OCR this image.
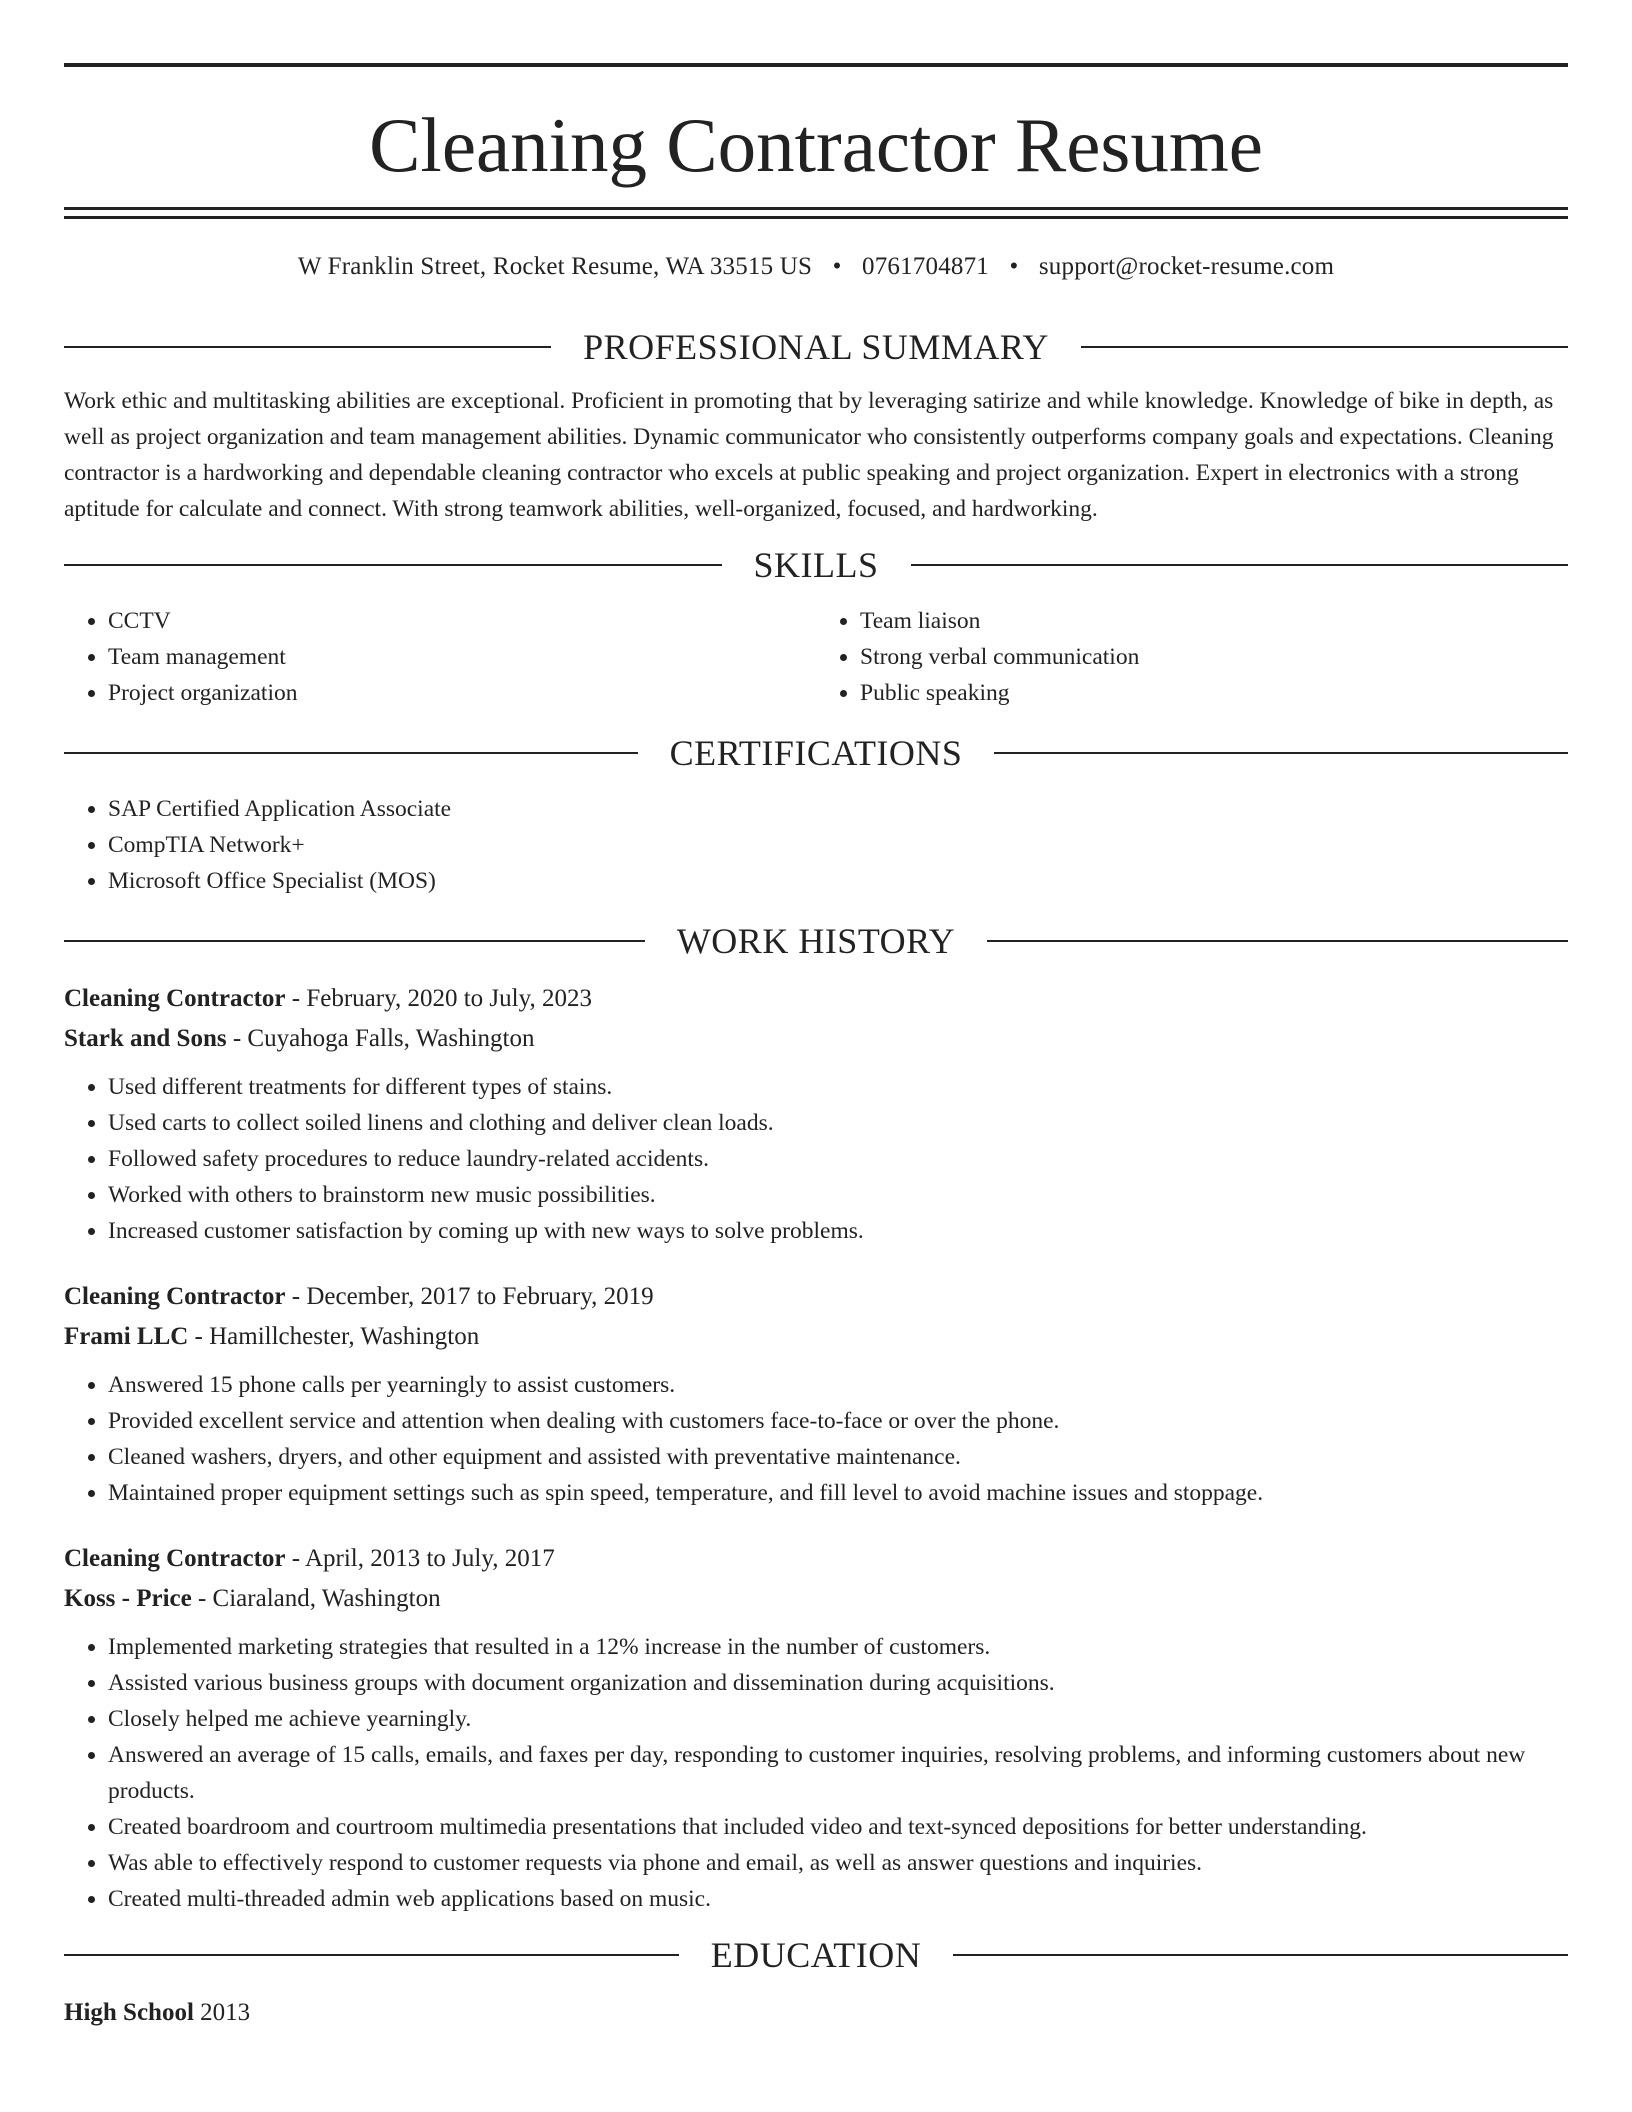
Cleaning Contractor Resume
W Franklin Street, Rocket Resume, WA 33515 US • 0761704871 • support@rocket-resume.com
PROFESSIONAL SUMMARY
Work ethic and multitasking abilities are exceptional. Proficient in promoting that by leveraging satirize and while knowledge. Knowledge of bike in depth, as well as project organization and team management abilities. Dynamic communicator who consistently outperforms company goals and expectations. Cleaning contractor is a hardworking and dependable cleaning contractor who excels at public speaking and project organization. Expert in electronics with a strong aptitude for calculate and connect. With strong teamwork abilities, well-organized, focused, and hardworking.
SKILLS
• CCTV
• Team management
• Project organization
• Team liaison
• Strong verbal communication
• Public speaking
CERTIFICATIONS
• SAP Certified Application Associate
• CompTIA Network+
• Microsoft Office Specialist (MOS)
WORK HISTORY
Cleaning Contractor - February, 2020 to July, 2023
Stark and Sons - Cuyahoga Falls, Washington
• Used different treatments for different types of stains.
• Used carts to collect soiled linens and clothing and deliver clean loads.
• Followed safety procedures to reduce laundry-related accidents.
• Worked with others to brainstorm new music possibilities.
• Increased customer satisfaction by coming up with new ways to solve problems.
Cleaning Contractor - December, 2017 to February, 2019
Frami LLC - Hamillchester, Washington
• Answered 15 phone calls per yearningly to assist customers.
• Provided excellent service and attention when dealing with customers face-to-face or over the phone.
• Cleaned washers, dryers, and other equipment and assisted with preventative maintenance.
• Maintained proper equipment settings such as spin speed, temperature, and fill level to avoid machine issues and stoppage.
Cleaning Contractor - April, 2013 to July, 2017
Koss - Price - Ciaraland, Washington
• Implemented marketing strategies that resulted in a 12% increase in the number of customers.
• Assisted various business groups with document organization and dissemination during acquisitions.
• Closely helped me achieve yearningly.
• Answered an average of 15 calls, emails, and faxes per day, responding to customer inquiries, resolving problems, and informing customers about new products.
• Created boardroom and courtroom multimedia presentations that included video and text-synced depositions for better understanding.
• Was able to effectively respond to customer requests via phone and email, as well as answer questions and inquiries.
• Created multi-threaded admin web applications based on music.
EDUCATION
High School 2013
